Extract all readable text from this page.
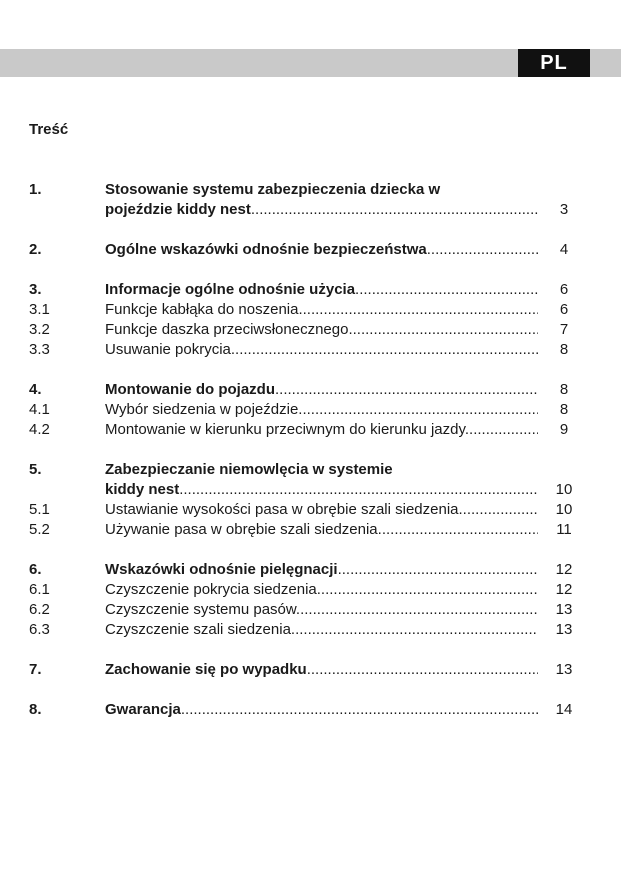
PL
Treść
1.	Stosowanie systemu zabezpieczenia dziecka w
pojeździe kiddy nest .....	3
2.	Ogólne wskazówki odnośnie bezpieczeństwa .....	4
3.	Informacje ogólne odnośnie użycia .....	6
3.1	Funkcje kabłąka do noszenia .....	6
3.2	Funkcje daszka przeciwsłonecznego .....	7
3.3	Usuwanie pokrycia .....	8
4.	Montowanie do pojazdu .....	8
4.1	Wybór siedzenia w pojeździe .....	8
4.2	Montowanie w kierunku przeciwnym do kierunku jazdy .....	9
5.	Zabezpieczanie niemowlęcia w systemie
kiddy nest .....	10
5.1	Ustawianie wysokości pasa w obrębie szali siedzenia .....	10
5.2	Używanie pasa w obrębie szali siedzenia .....	11
6.	Wskazówki odnośnie pielęgnacji .....	12
6.1	Czyszczenie pokrycia siedzenia .....	12
6.2	Czyszczenie systemu pasów .....	13
6.3	Czyszczenie szali siedzenia .....	13
7.	Zachowanie się po wypadku .....	13
8.	Gwarancja .....	14
